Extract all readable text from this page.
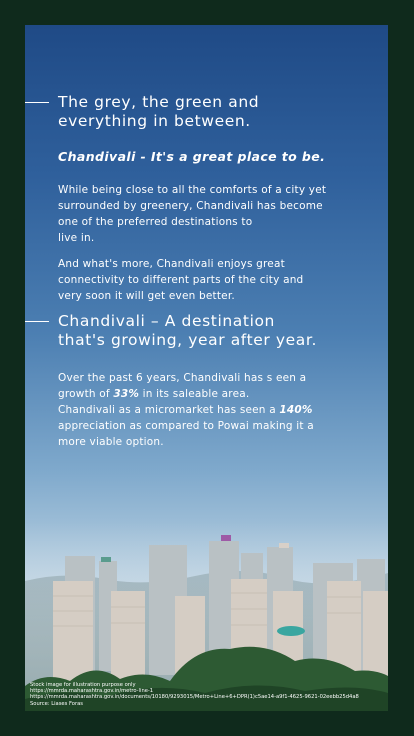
The grey, the green and
everything in between.
Chandivali - It's a great place to be.

While being close to all the comforts of a city yet
surrounded by greenery, Chandivali has become
one of the preferred destinations to
live in.

And what's more, Chandivali enjoys great
connectivity to different parts of the city and
very soon it will get even better.

Chandivali – A destination
that's growing, year after year.

Over the past 6 years, Chandivali has s een a
growth of 33% in its saleable area.

Chandivali as a micromarket has seen a 140%
appreciation as compared to Powai making it a
more viable option.

Stock image for illustration purpose only
https://mmrda.maharashtra.gov.in/metro-line-1
https://mmrda.maharashtra.gov.in/documents/10180/9293015/Metro+Line+6+DPR(1)c5ae14-a9f1-4625-9621-02eebb25d4a8
Source: Liases Foras
